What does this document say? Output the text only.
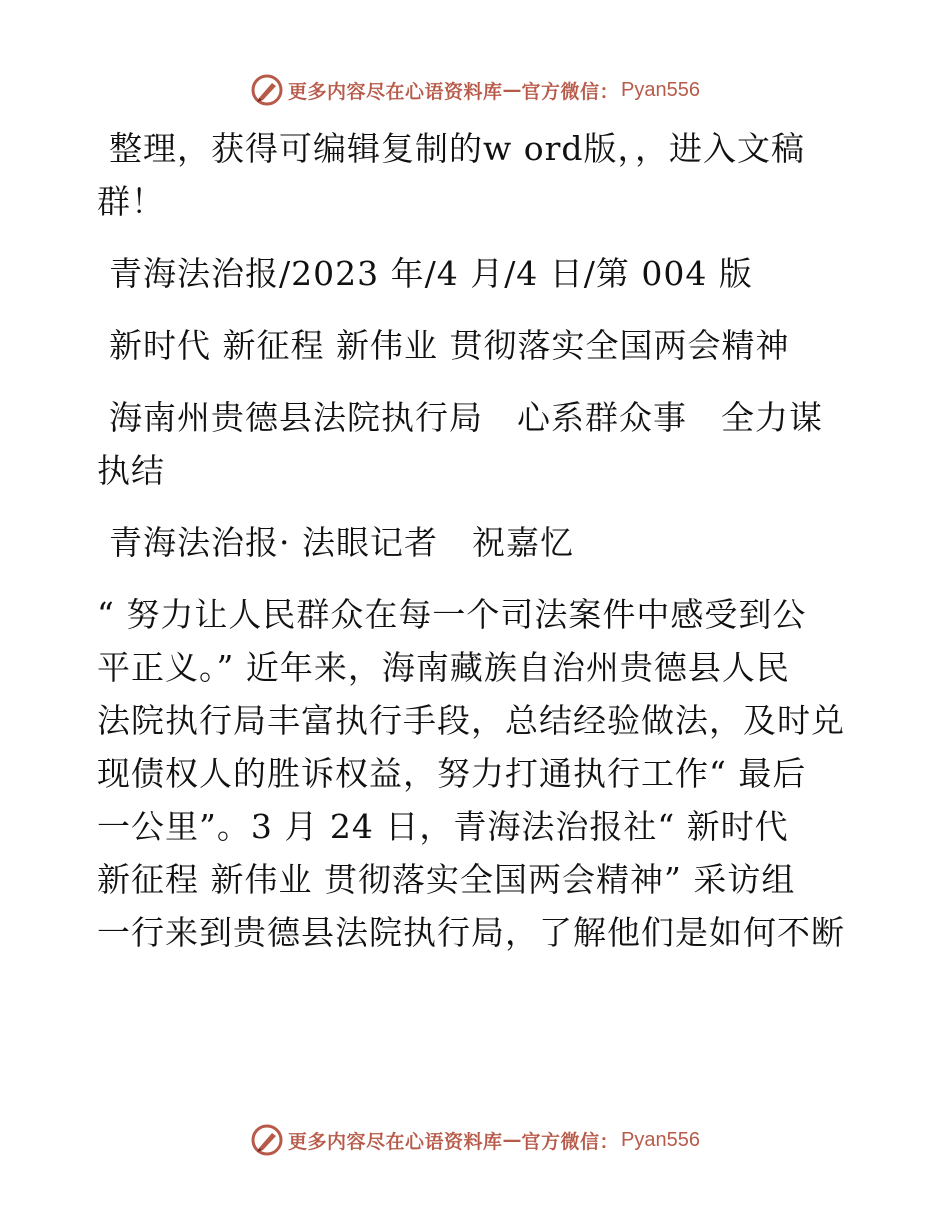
更多内容尽在心语资料库 — 官方微信： Pyan556
整理，获得可编辑复制的w ord版，，进入文稿
群！
青海法治报/2023 年/4 月/4 日/第 004 版
新时代 新征程 新伟业 贯彻落实全国两会精神
海南州贵德县法院执行局　心系群众事　全力谋
执结
青海法治报· 法眼记者　祝嘉忆
“ 努力让人民群众在每一个司法案件中感受到公
平正义。” 近年来，海南藏族自治州贵德县人民
法院执行局丰富执行手段，总结经验做法，及时兑
现债权人的胜诉权益，努力打通执行工作“ 最后
一公里”。3 月 24 日，青海法治报社“ 新时代
新征程 新伟业 贯彻落实全国两会精神” 采访组
一行来到贵德县法院执行局，了解他们是如何不断
更多内容尽在心语资料库 — 官方微信： Pyan556
